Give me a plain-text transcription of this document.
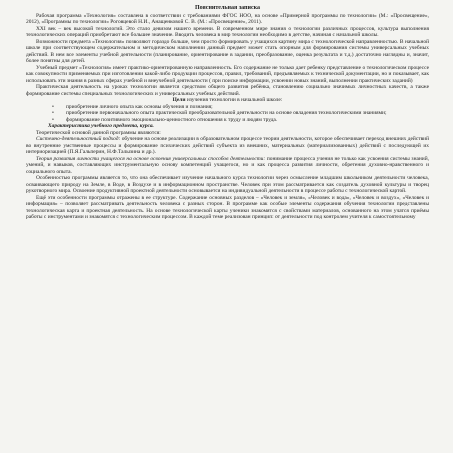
Пояснительная записка

Рабочая программа «Технология» составлена в соответствии с требованиями ФГОС НОО, на основе «Примерной программы по технологии» (М.: «Просвещение», 2012), «Программы по технологии» Роговцевой Н.И., Анащенковой С. В. (М.: «Просвещение», 2011).

XXI век – век высокой технологий. Это стало девизом нашего времени. В современном мире знания о технологии различных процессов, культура выполнения технологических операций приобретают все большее значение. Вводить человека в мир технологии необходимо в детстве, начиная с начальной школы.

Возможности предмета «Технология» позволяют гораздо больше, чем просто формировать у учащихся картину мира с технологической направленностью. В начальной школе при соответствующем содержательном и методическом наполнении данный предмет может стать опорным для формирования системы универсальных учебных действий. В нем все элементы учебной деятельности (планирование, ориентирование в задании, преобразование, оценка результата и т.д.) достаточно наглядны и, значит, более понятны для детей.

Учебный предмет «Технология» имеет практико-ориентированную направленность. Его содержание не только дает ребенку представление о технологическом процессе как совокупности применяемых при изготовлении какой-либо продукции процессов, правил, требований, предъявляемых к технической документации, но и показывает, как использовать эти знания в разных сферах учебной и внеучебной деятельности ( при поиске информации, усвоении новых знаний, выполнении практических заданий)

Практическая деятельность на уроках технологии является средством общего развития ребёнка, становлению социально значимых личностных качеств, а также формирование системы специальных технологических и универсальных учебных действий.

Цели изучения технологии в начальной школе:

• приобретение личного опыта как основы обучения и познания;
• приобретение первоначального опыта практической преобразовательной деятельности на основе овладения технологическими знаниями;
• формирование позитивного эмоционально-ценностного отношения к труду и людям труда.

Характеристика учебного предмета, курса.

Теоретической основой данной программы являются:

Системно-деятельностный подход: обучение на основе реализации в образовательном процессе теории деятельности, которое обеспечивает переход внешних действий во внутренние умственные процессы и формирование психических действий субъекта из внешних, материальных (материализованных) действий с последующей их интериоризацией (П.Я.Гальперин, Н.Ф.Талызина и др.).

Теория развития личности учащегося на основе освоения универсальных способов деятельности: понимание процесса учения не только как усвоения системы знаний, умений, и навыков, составляющих инструментальную основу компетенций учащегося, но и как процесса развития личности, обретения духовно-нравственного и социального опыта.

Особенностью программы является то, что она обеспечивает изучение начального курса технологии через осмысление младшим школьником деятельности человека, осваивающего природу на Земле, в Воде, в Воздухе и в информационном пространстве. Человек при этом рассматривается как создатель духовной культуры и творец рукотворного мира. Освоение продуктивной проектной деятельности основывается на индивидуальной деятельности в процессе работы с технологической картой.

Ещё эти особенности программы отражены в ее структуре. Содержание основных разделов – «Человек и земля», «Человек и вода», «Человек и воздух», «Человек и информация» – позволяет рассматривать деятельность человека с разных сторон. В программе как особые элементы содержания обучения технологии представлены технологическая карта и проектная деятельность. На основе технологической карты ученики знакомятся с свойствами материалов, основанного на этом учатся приёмы работы с инструментами и знакомятся с технологическим процессом. В каждой теме реализован принцип: от деятельности под контролем учителя к самостоятельному
